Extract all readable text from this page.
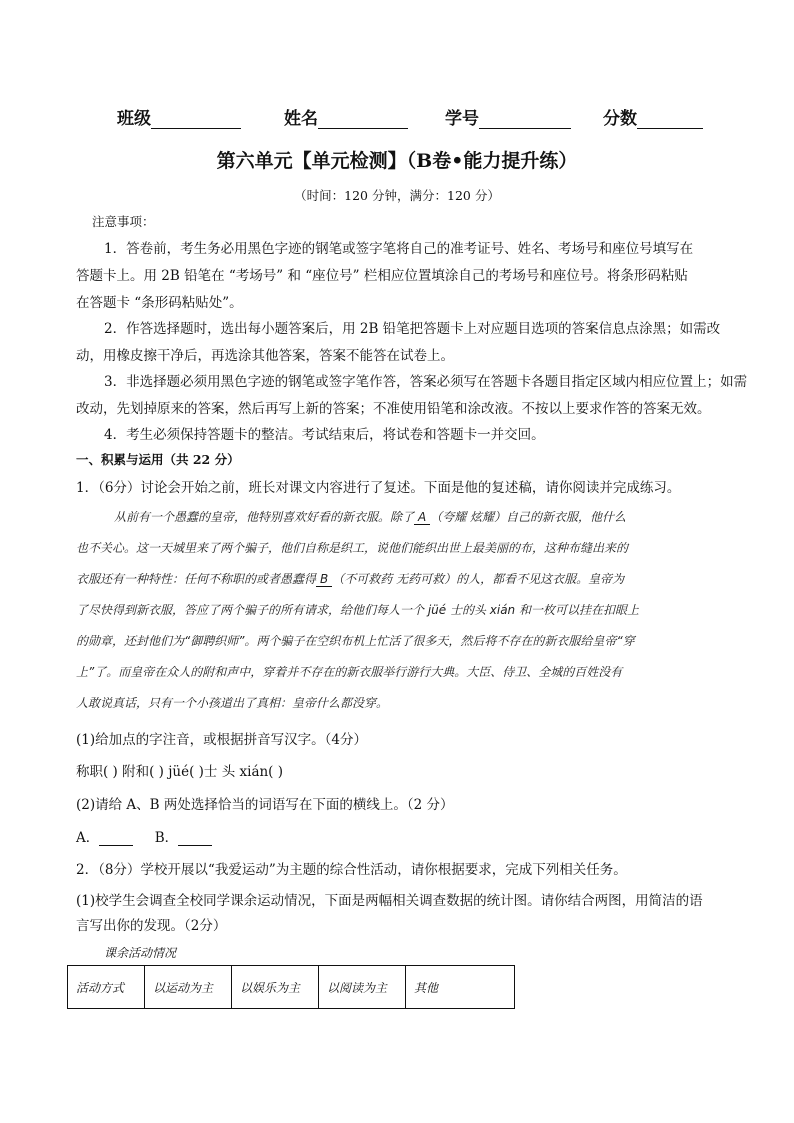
班级	姓名	学号	分数
第六单元【单元检测】（B卷•能力提升练）
（时间：120 分钟，满分：120 分）
注意事项：
1．答卷前，考生务必用黑色字迹的钢笔或签字笔将自己的准考证号、姓名、考场号和座位号填写在
答题卡上。用 2B 铅笔在 “考场号” 和 “座位号” 栏相应位置填涂自己的考场号和座位号。将条形码粘贴
在答题卡 “条形码粘贴处”。
2．作答选择题时，选出每小题答案后，用 2B 铅笔把答题卡上对应题目选项的答案信息点涂黑；如需改
动，用橡皮擦干净后，再选涂其他答案，答案不能答在试卷上。
3．非选择题必须用黑色字迹的钢笔或签字笔作答，答案必须写在答题卡各题目指定区域内相应位置上；如需
改动，先划掉原来的答案，然后再写上新的答案；不准使用铅笔和涂改液。不按以上要求作答的答案无效。
4．考生必须保持答题卡的整洁。考试结束后，将试卷和答题卡一并交回。
一、积累与运用（共 22 分）
1．（6分）讨论会开始之前，班长对课文内容进行了复述。下面是他的复述稿，请你阅读并完成练习。
从前有一个愚蠢的皇帝，他特别喜欢好看的新衣服。除了 A （夸耀 炫耀）自己的新衣服，他什么
也不关心。这一天城里来了两个骗子，他们自称是织工，说他们能织出世上最美丽的布，这种布缝出来的
衣服还有一种特性：任何不称职的或者愚蠢得 B （不可救药 无药可救）的人，都看不见这衣服。皇帝为
了尽快得到新衣服，答应了两个骗子的所有请求，给他们每人一个 jüé 士的头 xián 和一枚可以挂在扣眼上
的勋章，还封他们为“御聘织师”。两个骗子在空织布机上忙活了很多天，然后将不存在的新衣服给皇帝“穿
上”了。而皇帝在众人的附和声中，穿着并不存在的新衣服举行游行大典。大臣、侍卫、全城的百姓没有
人敢说真话，只有一个小孩道出了真相：皇帝什么都没穿。
(1)给加点的字注音，或根据拼音写汉字。（4分）
称职( ) 附和( ) jüé( )士 头 xián( )
(2)请给 A、B 两处选择恰当的词语写在下面的横线上。（2 分）
A．	B．
2．（8分）学校开展以“我爱运动”为主题的综合性活动，请你根据要求，完成下列相关任务。
(1)校学生会调查全校同学课余运动情况，下面是两幅相关调查数据的统计图。请你结合两图，用简洁的语
言写出你的发现。（2分）
课余活动情况
活动方式	以运动为主	以娱乐为主	以阅读为主	其他
